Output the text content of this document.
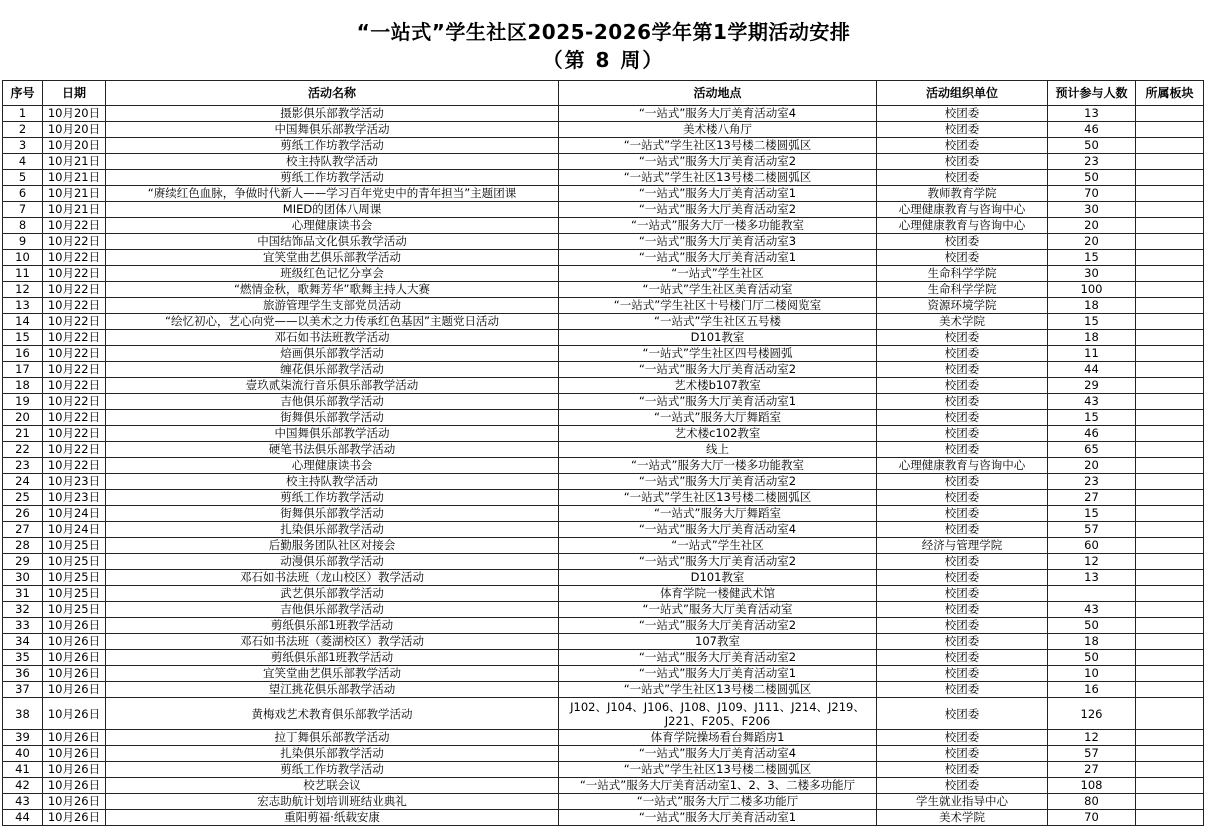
“一站式”学生社区2025-2026学年第1学期活动安排
（第 8 周）
序号	日期	活动名称	活动地点	活动组织单位	预计参与人数	所属板块
1	10月20日	摄影俱乐部教学活动	“一站式”服务大厅美育活动室4	校团委	13	
2	10月20日	中国舞俱乐部教学活动	美术楼八角厅	校团委	46	
3	10月20日	剪纸工作坊教学活动	“一站式”学生社区13号楼二楼圆弧区	校团委	50	
4	10月21日	校主持队教学活动	“一站式”服务大厅美育活动室2	校团委	23	
5	10月21日	剪纸工作坊教学活动	“一站式”学生社区13号楼二楼圆弧区	校团委	50	
6	10月21日	“赓续红色血脉，争做时代新人——学习百年党史中的青年担当”主题团课	“一站式”服务大厅美育活动室1	教师教育学院	70	
7	10月21日	MIED的团体八周课	“一站式”服务大厅美育活动室2	心理健康教育与咨询中心	30	
8	10月22日	心理健康读书会	“一站式”服务大厅一楼多功能教室	心理健康教育与咨询中心	20	
9	10月22日	中国结饰品文化俱乐教学活动	“一站式”服务大厅美育活动室3	校团委	20	
10	10月22日	宜笑堂曲艺俱乐部教学活动	“一站式”服务大厅美育活动室1	校团委	15	
11	10月22日	班级红色记忆分享会	“一站式”学生社区	生命科学学院	30	
12	10月22日	“燃情金秋，歌舞芳华”歌舞主持人大赛	“一站式”学生社区美育活动室	生命科学学院	100	
13	10月22日	旅游管理学生支部党员活动	“一站式”学生社区十号楼门厅二楼阅览室	资源环境学院	18	
14	10月22日	“绘忆初心，艺心向党——以美术之力传承红色基因”主题党日活动	“一站式”学生社区五号楼	美术学院	15	
15	10月22日	邓石如书法班教学活动	D101教室	校团委	18	
16	10月22日	焙画俱乐部教学活动	“一站式”学生社区四号楼圆弧	校团委	11	
17	10月22日	缠花俱乐部教学活动	“一站式”服务大厅美育活动室2	校团委	44	
18	10月22日	壹玖贰柒流行音乐俱乐部教学活动	艺术楼b107教室	校团委	29	
19	10月22日	吉他俱乐部教学活动	“一站式”服务大厅美育活动室1	校团委	43	
20	10月22日	街舞俱乐部教学活动	“一站式”服务大厅舞蹈室	校团委	15	
21	10月22日	中国舞俱乐部教学活动	艺术楼c102教室	校团委	46	
22	10月22日	硬笔书法俱乐部教学活动	线上	校团委	65	
23	10月22日	心理健康读书会	“一站式”服务大厅一楼多功能教室	心理健康教育与咨询中心	20	
24	10月23日	校主持队教学活动	“一站式”服务大厅美育活动室2	校团委	23	
25	10月23日	剪纸工作坊教学活动	“一站式”学生社区13号楼二楼圆弧区	校团委	27	
26	10月24日	街舞俱乐部教学活动	“一站式”服务大厅舞蹈室	校团委	15	
27	10月24日	扎染俱乐部教学活动	“一站式”服务大厅美育活动室4	校团委	57	
28	10月25日	后勤服务团队社区对接会	“一站式”学生社区	经济与管理学院	60	
29	10月25日	动漫俱乐部教学活动	“一站式”服务大厅美育活动室2	校团委	12	
30	10月25日	邓石如书法班（龙山校区）教学活动	D101教室	校团委	13	
31	10月25日	武艺俱乐部教学活动	体育学院一楼健武术馆	校团委		
32	10月25日	吉他俱乐部教学活动	“一站式”服务大厅美育活动室	校团委	43	
33	10月26日	剪纸俱乐部1班教学活动	“一站式”服务大厅美育活动室2	校团委	50	
34	10月26日	邓石如书法班（菱湖校区）教学活动	107教室	校团委	18	
35	10月26日	剪纸俱乐部1班教学活动	“一站式”服务大厅美育活动室2	校团委	50	
36	10月26日	宜笑堂曲艺俱乐部教学活动	“一站式”服务大厅美育活动室1	校团委	10	
37	10月26日	望江挑花俱乐部教学活动	“一站式”学生社区13号楼二楼圆弧区	校团委	16	
38	10月26日	黄梅戏艺术教育俱乐部教学活动	J102、J104、J106、J108、J109、J111、J214、J219、J221、F205、F206	校团委	126	
39	10月26日	拉丁舞俱乐部教学活动	体育学院操场看台舞蹈房1	校团委	12	
40	10月26日	扎染俱乐部教学活动	“一站式”服务大厅美育活动室4	校团委	57	
41	10月26日	剪纸工作坊教学活动	“一站式”学生社区13号楼二楼圆弧区	校团委	27	
42	10月26日	校艺联会议	“一站式”服务大厅美育活动室1、2、3、二楼多功能厅	校团委	108	
43	10月26日	宏志助航计划培训班结业典礼	“一站式”服务大厅二楼多功能厅	学生就业指导中心	80	
44	10月26日	重阳剪福·纸载安康	“一站式”服务大厅美育活动室1	美术学院	70	
